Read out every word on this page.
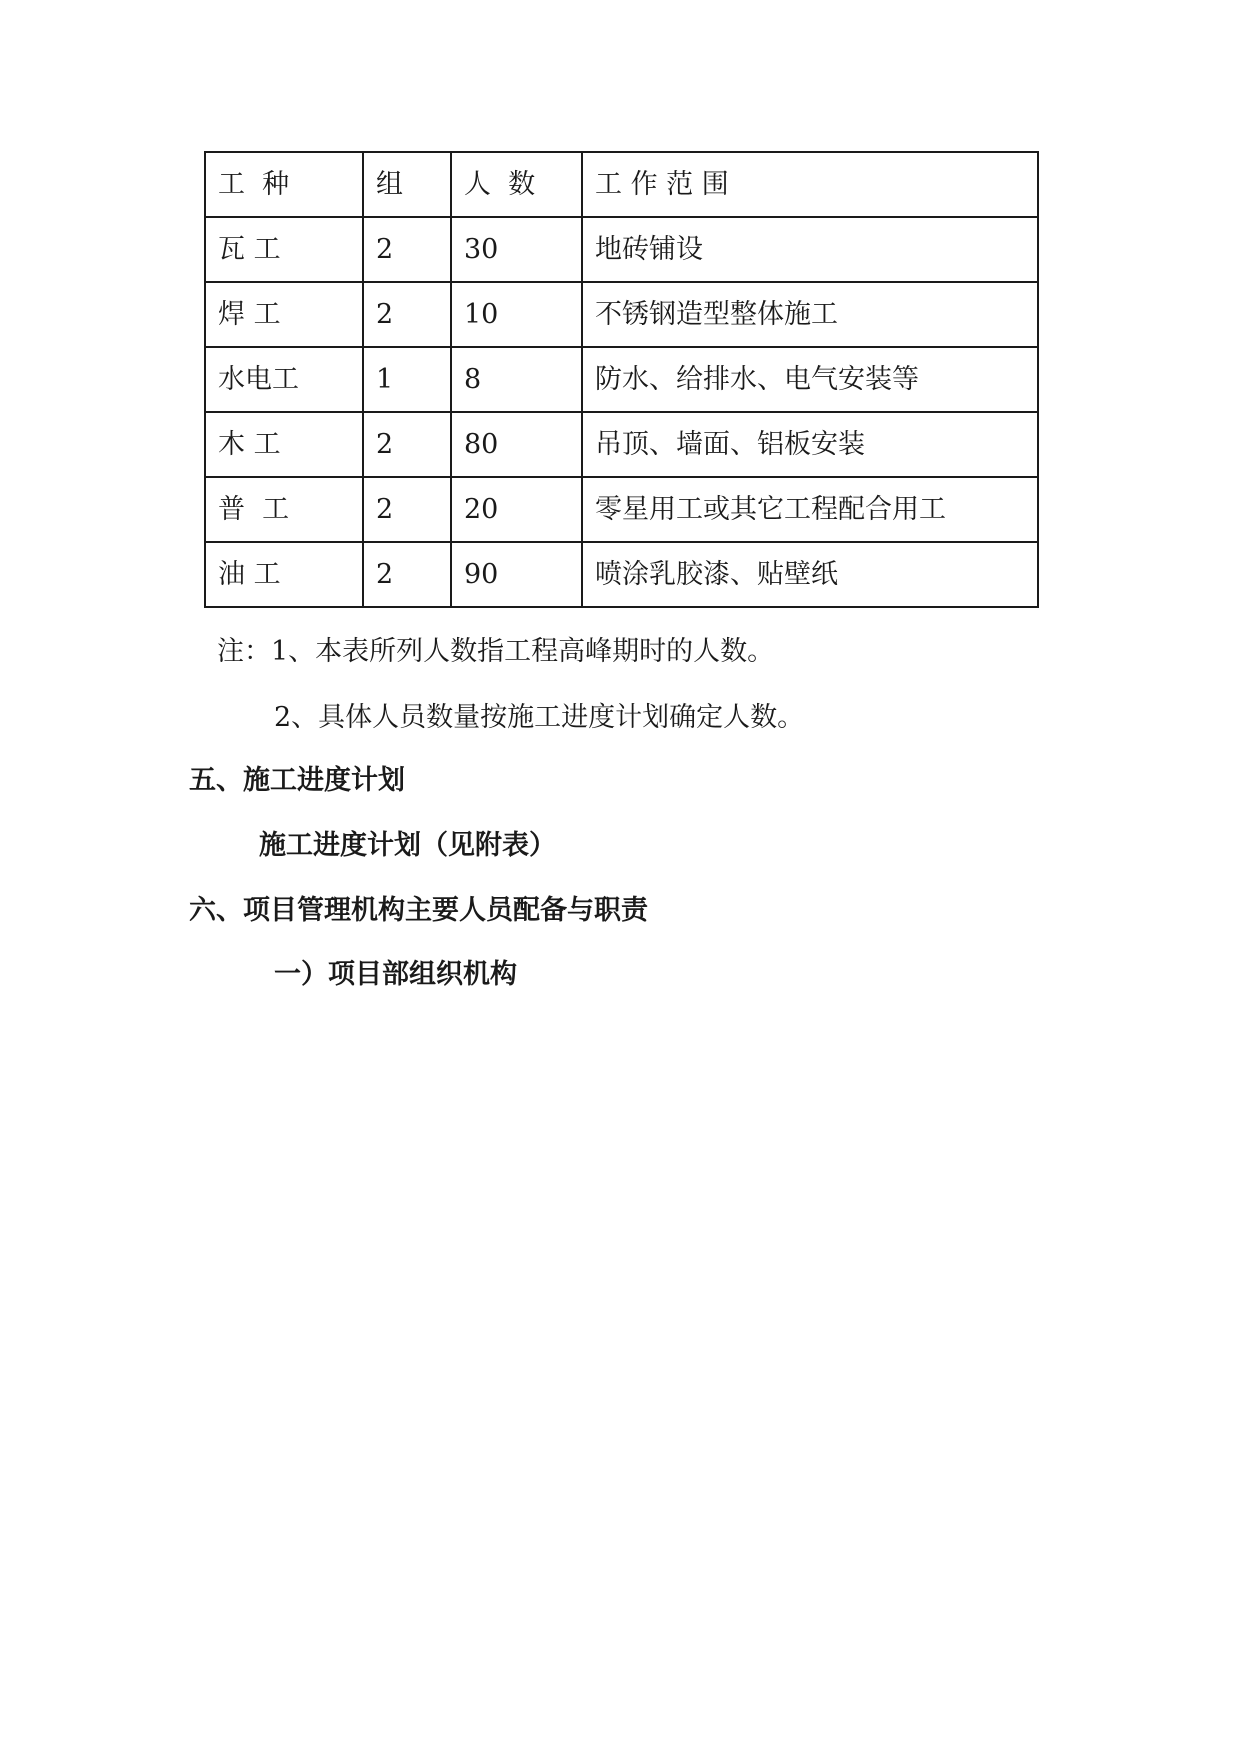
工  种	组	人  数	工 作 范 围
瓦 工	2	30	地砖铺设
焊 工	2	10	不锈钢造型整体施工
水电工	1	8	防水、给排水、电气安装等
木 工	2	80	吊顶、墙面、铝板安装
普  工	2	20	零星用工或其它工程配合用工
油 工	2	90	喷涂乳胶漆、贴壁纸
注：1、本表所列人数指工程高峰期时的人数。
2、具体人员数量按施工进度计划确定人数。
五、施工进度计划
施工进度计划（见附表）
六、项目管理机构主要人员配备与职责
一）项目部组织机构
